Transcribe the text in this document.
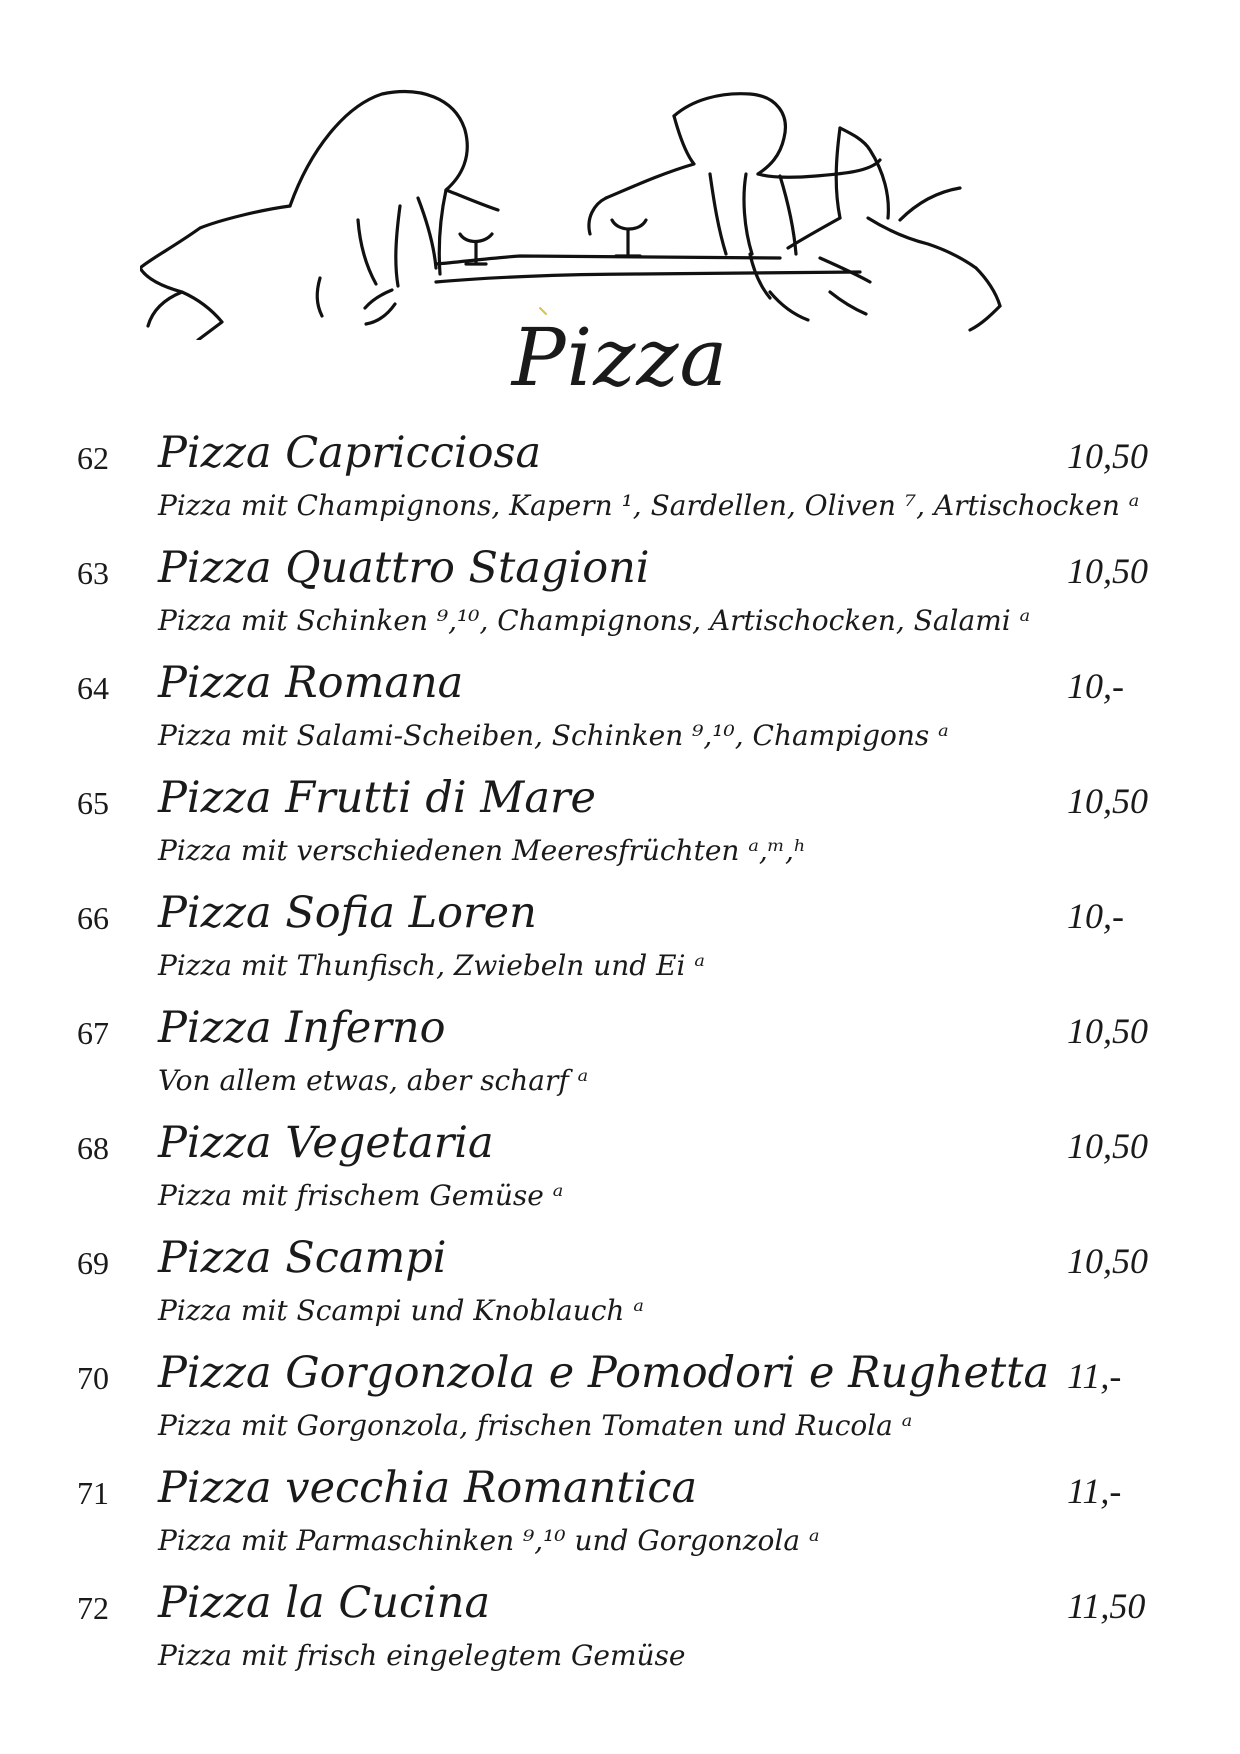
Pizza
62 Pizza Capricciosa	10,50
Pizza mit Champignons, Kapern ¹, Sardellen, Oliven ⁷, Artischocken ᵃ
63 Pizza Quattro Stagioni	10,50
Pizza mit Schinken ⁹,¹⁰, Champignons, Artischocken, Salami ᵃ
64 Pizza Romana	10,-
Pizza mit Salami-Scheiben, Schinken ⁹,¹⁰, Champigons ᵃ
65 Pizza Frutti di Mare	10,50
Pizza mit verschiedenen Meeresfrüchten ᵃ,ᵐ,ʰ
66 Pizza Sofia Loren	10,-
Pizza mit Thunfisch, Zwiebeln und Ei ᵃ
67 Pizza Inferno	10,50
Von allem etwas, aber scharf ᵃ
68 Pizza Vegetaria	10,50
Pizza mit frischem Gemüse ᵃ
69 Pizza Scampi	10,50
Pizza mit Scampi und Knoblauch ᵃ
70 Pizza Gorgonzola e Pomodori e Rughetta 11,-
Pizza mit Gorgonzola, frischen Tomaten und Rucola ᵃ
71 Pizza vecchia Romantica	11,-
Pizza mit Parmaschinken ⁹,¹⁰ und Gorgonzola ᵃ
72 Pizza la Cucina	11,50
Pizza mit frisch eingelegtem Gemüse
